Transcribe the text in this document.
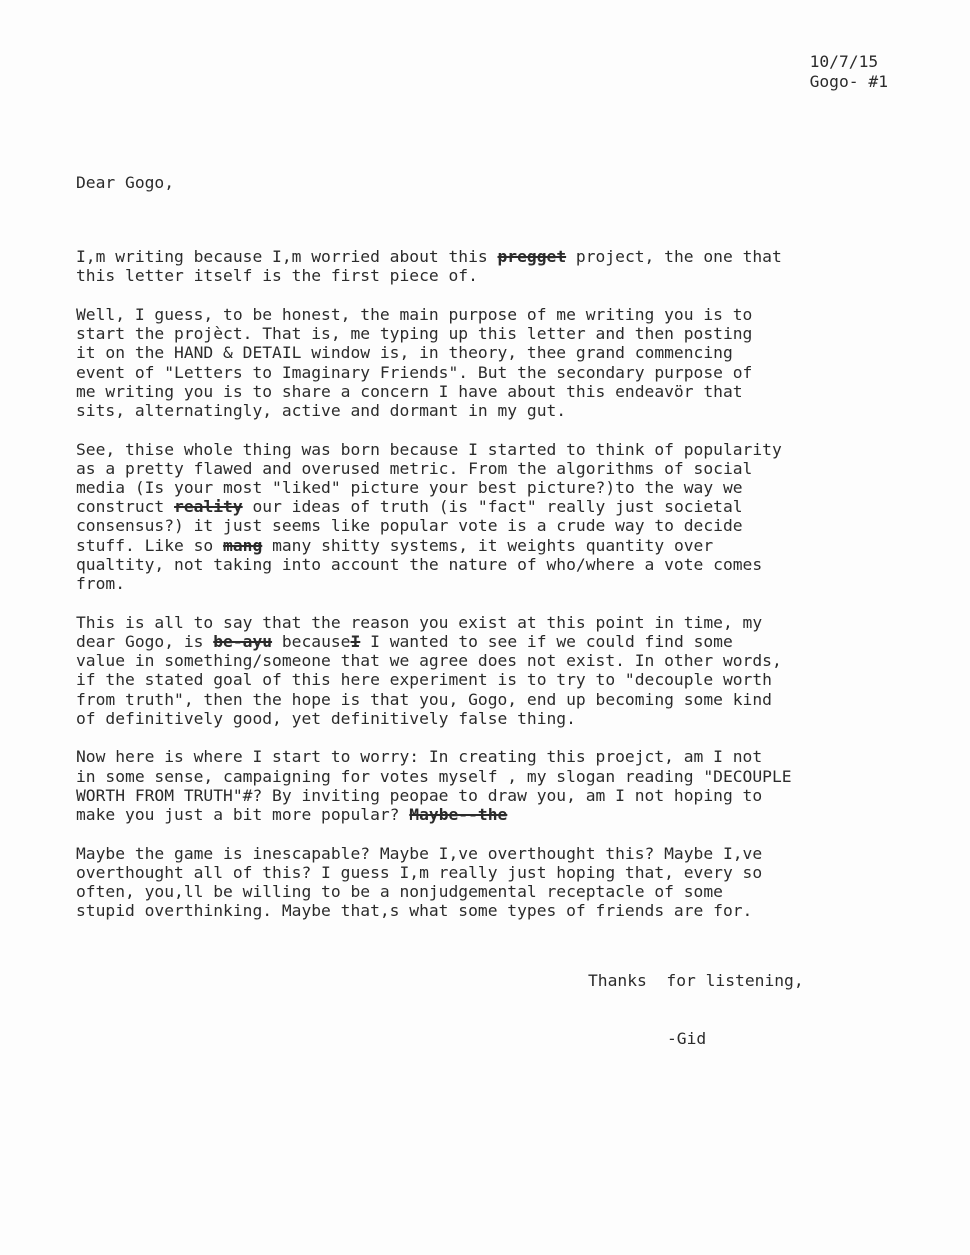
10/7/15
Gogo- #1
Dear Gogo,
I,m writing because I,m worried about this pregget project, the one that
this letter itself is the first piece of.
Well, I guess, to be honest, the main purpose of me writing you is to
start the projèct. That is, me typing up this letter and then posting
it on the HAND & DETAIL window is, in theory, thee grand commencing
event of "Letters to Imaginary Friends". But the secondary purpose of
me writing you is to share a concern I have about this endeavör that
sits, alternatingly, active and dormant in my gut.
See, thise whole thing was born because I started to think of popularity
as a pretty flawed and overused metric. From the algorithms of social
media (Is your most "liked" picture your best picture?)to the way we
construct reality our ideas of truth (is "fact" really just societal
consensus?) it just seems like popular vote is a crude way to decide
stuff. Like so mang many shitty systems, it weights quantity over
qualtity, not taking into account the nature of who/where a vote comes
from.
This is all to say that the reason you exist at this point in time, my
dear Gogo, is be-ayu becauseI I wanted to see if we could find some
value in something/someone that we agree does not exist. In other words,
if the stated goal of this here experiment is to try to "decouple worth
from truth", then the hope is that you, Gogo, end up becoming some kind
of definitively good, yet definitively false thing.
Now here is where I start to worry: In creating this proejct, am I not
in some sense, campaigning for votes myself , my slogan reading "DECOUPLE
WORTH FROM TRUTH"#? By inviting peopae to draw you, am I not hoping to
make you just a bit more popular? Maybe--the
Maybe the game is inescapable? Maybe I,ve overthought this? Maybe I,ve
overthought all of this? I guess I,m really just hoping that, every so
often, you,ll be willing to be a nonjudgemental receptacle of some
stupid overthinking. Maybe that,s what some types of friends are for.
Thanks  for listening,
-Gid
